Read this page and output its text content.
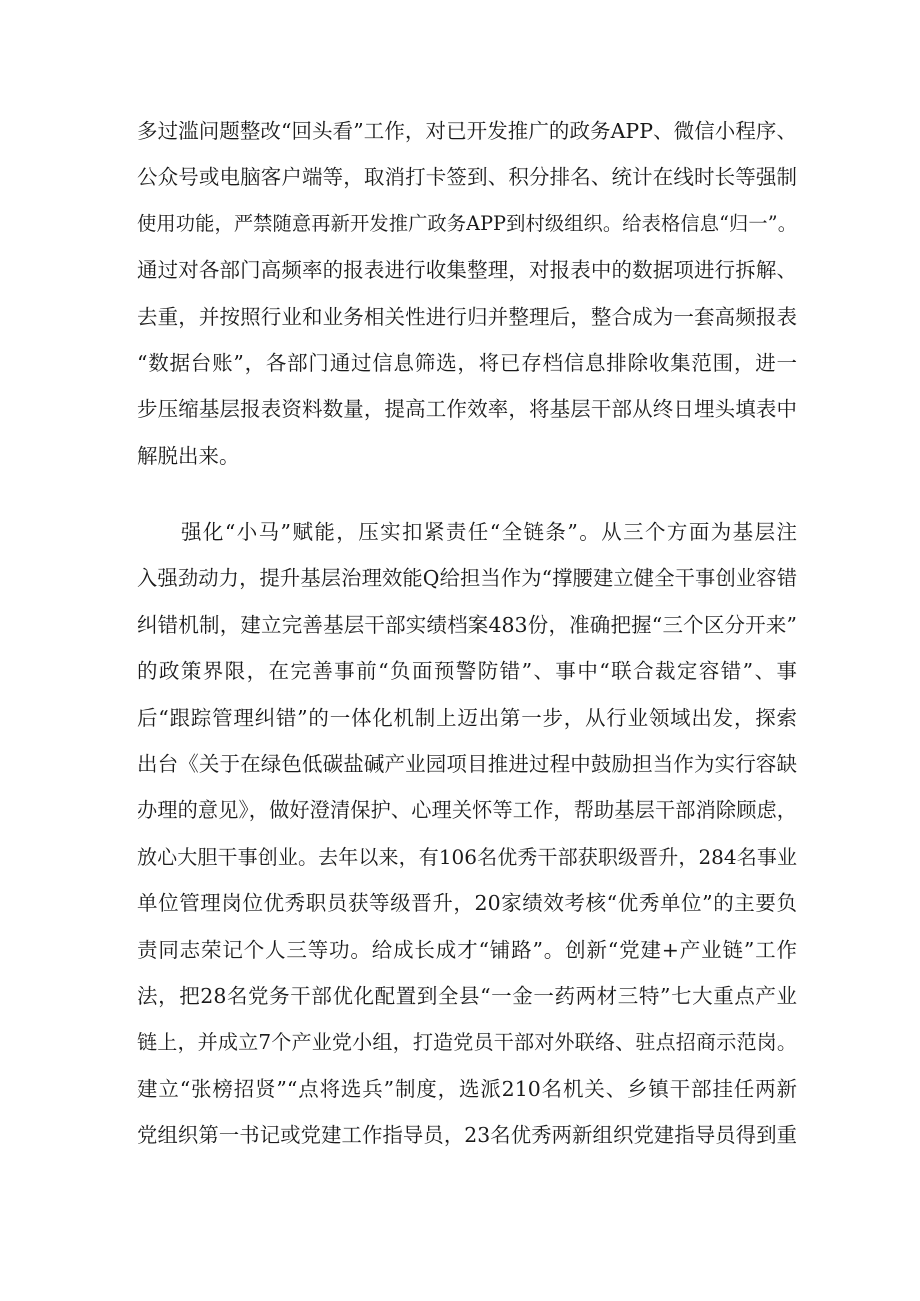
多过滥问题整改“回头看”工作，对已开发推广的政务APP、微信小程序、
公众号或电脑客户端等，取消打卡签到、积分排名、统计在线时长等强制
使用功能，严禁随意再新开发推广政务APP到村级组织。给表格信息“归一”。
通过对各部门高频率的报表进行收集整理，对报表中的数据项进行拆解、
去重，并按照行业和业务相关性进行归并整理后，整合成为一套高频报表
“数据台账”，各部门通过信息筛选，将已存档信息排除收集范围，进一
步压缩基层报表资料数量，提高工作效率，将基层干部从终日埋头填表中
解脱出来。
强化“小马”赋能，压实扣紧责任“全链条”。从三个方面为基层注
入强劲动力，提升基层治理效能Q给担当作为“撑腰建立健全干事创业容错
纠错机制，建立完善基层干部实绩档案483份，准确把握“三个区分开来”
的政策界限，在完善事前“负面预警防错”、事中“联合裁定容错”、事
后“跟踪管理纠错”的一体化机制上迈出第一步，从行业领域出发，探索
出台《关于在绿色低碳盐碱产业园项目推进过程中鼓励担当作为实行容缺
办理的意见》，做好澄清保护、心理关怀等工作，帮助基层干部消除顾虑，
放心大胆干事创业。去年以来，有106名优秀干部获职级晋升，284名事业
单位管理岗位优秀职员获等级晋升，20家绩效考核“优秀单位”的主要负
责同志荣记个人三等功。给成长成才“铺路”。创新“党建+产业链”工作
法，把28名党务干部优化配置到全县“一金一药两材三特”七大重点产业
链上，并成立7个产业党小组，打造党员干部对外联络、驻点招商示范岗。
建立“张榜招贤”“点将选兵”制度，选派210名机关、乡镇干部挂任两新
党组织第一书记或党建工作指导员，23名优秀两新组织党建指导员得到重
